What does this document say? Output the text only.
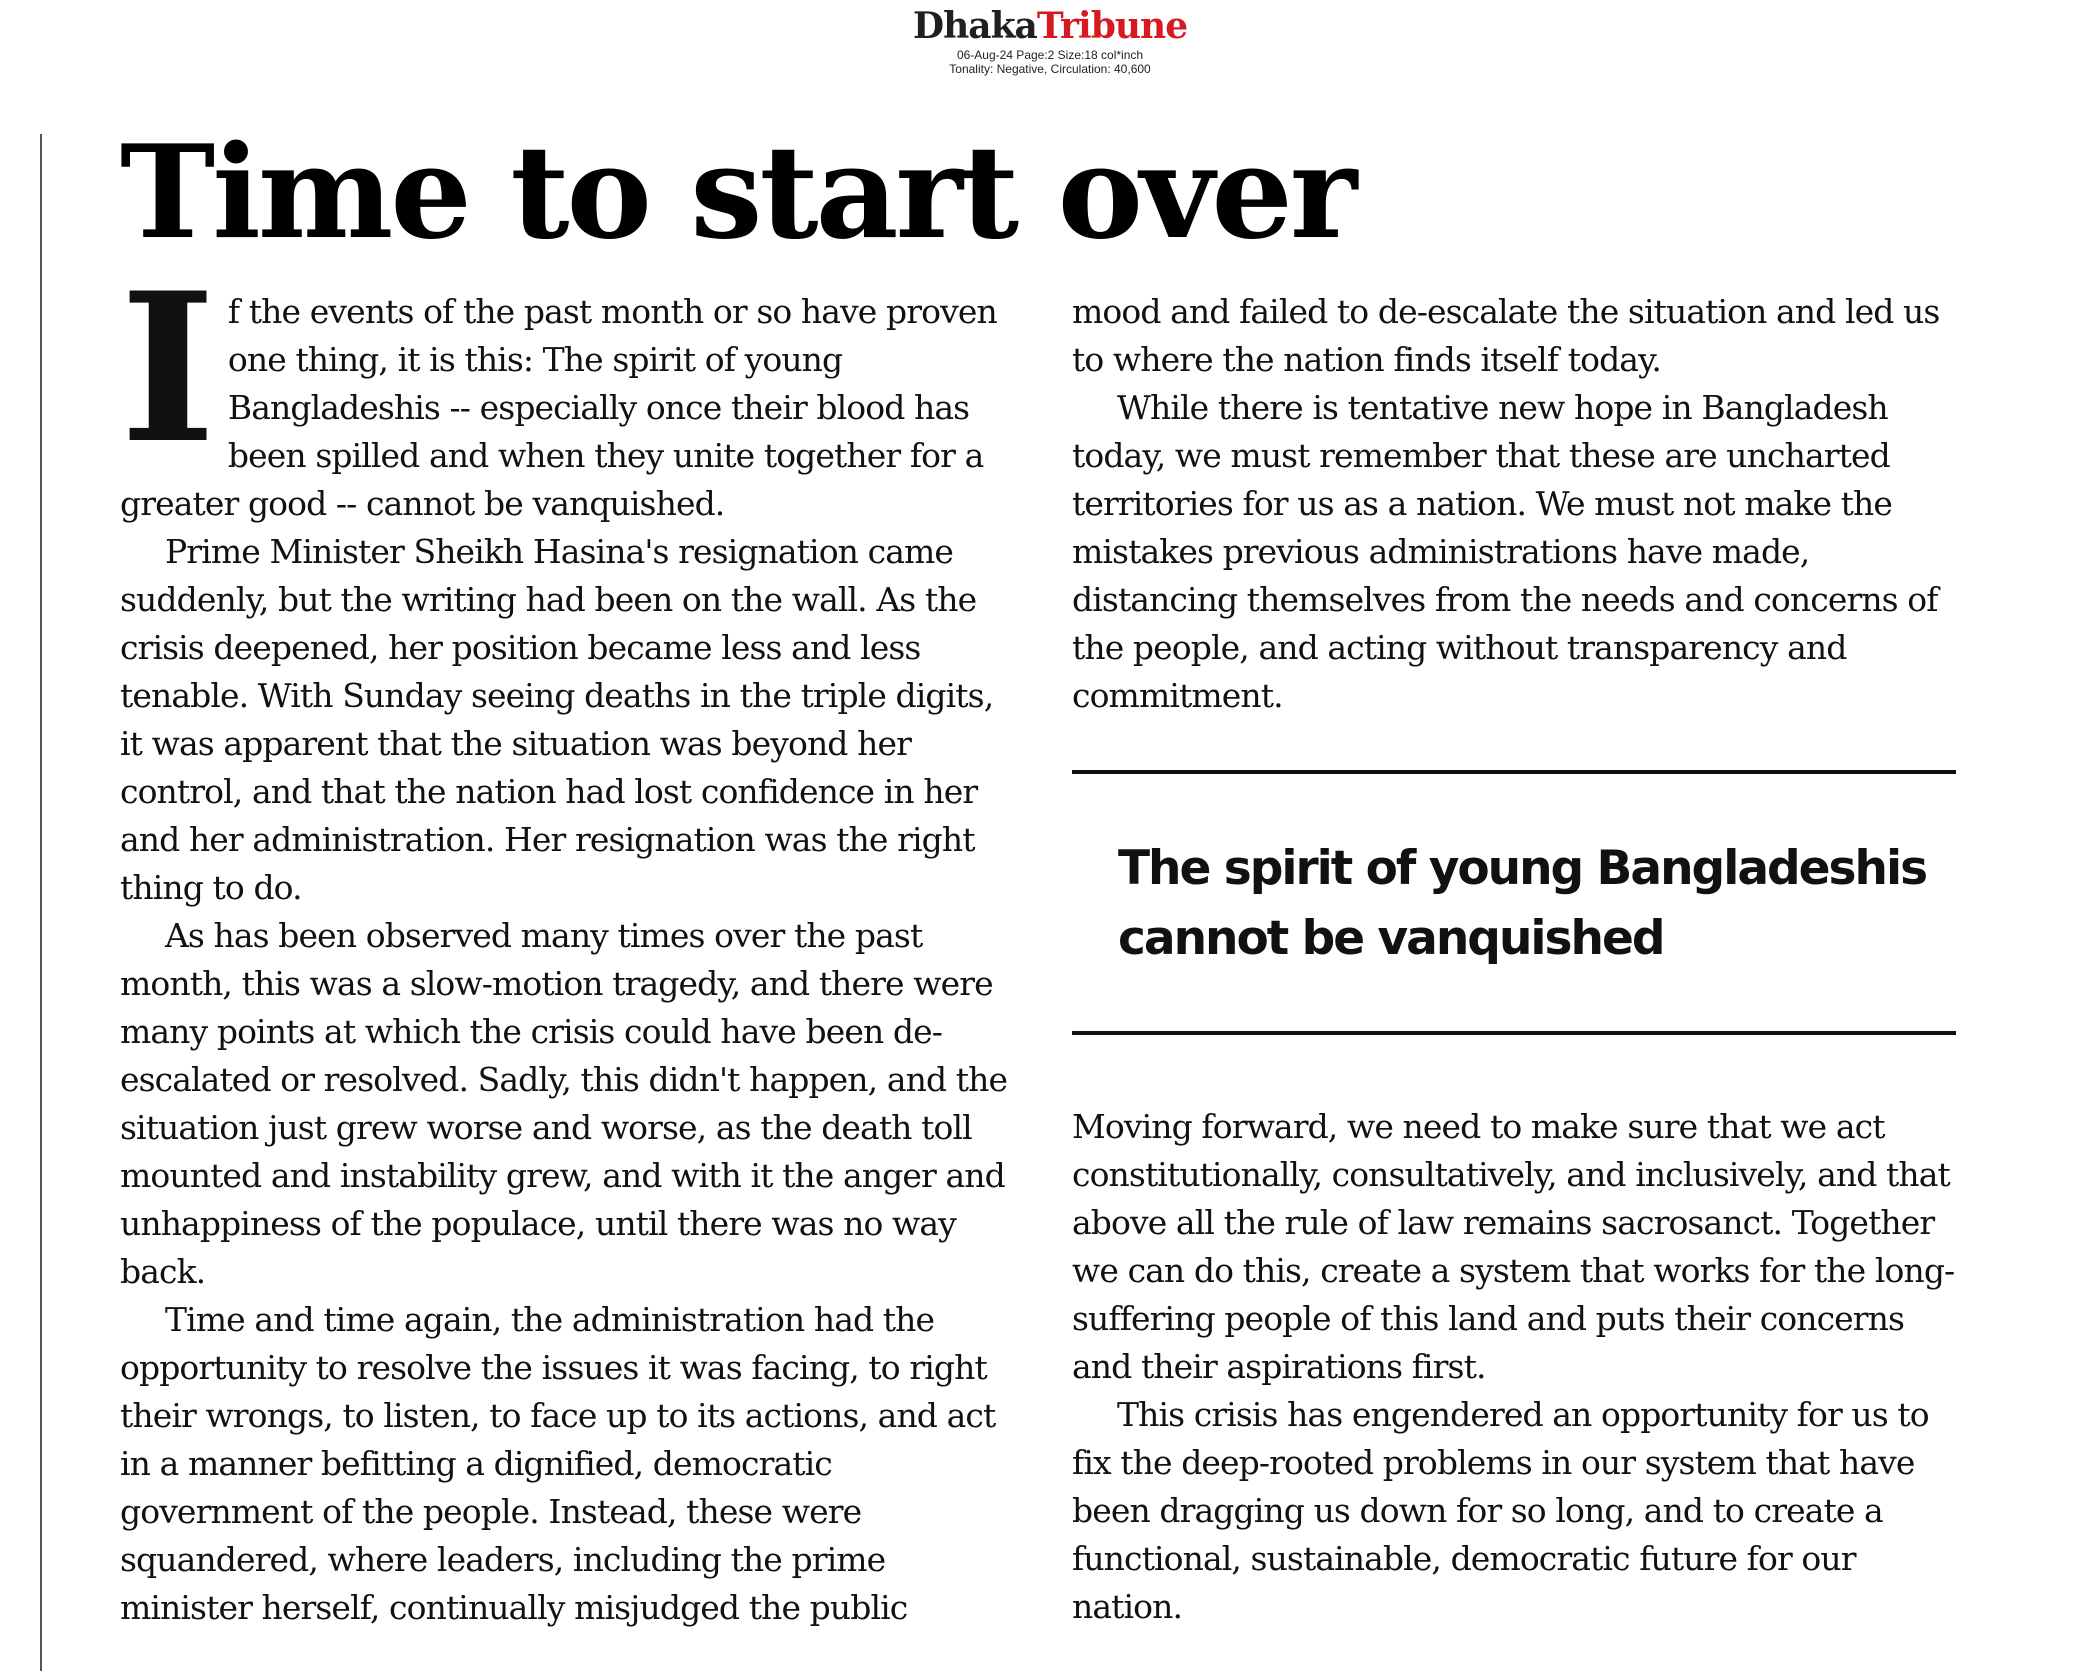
DhakaTribune
06-Aug-24 Page:2 Size:18 col*inch
Tonality: Negative, Circulation: 40,600
Time to start over

If the events of the past month or so have proven one thing, it is this: The spirit of young Bangladeshis -- especially once their blood has been spilled and when they unite together for a greater good -- cannot be vanquished.

Prime Minister Sheikh Hasina's resignation came suddenly, but the writing had been on the wall. As the crisis deepened, her position became less and less tenable. With Sunday seeing deaths in the triple digits, it was apparent that the situation was beyond her control, and that the nation had lost confidence in her and her administration. Her resignation was the right thing to do.

As has been observed many times over the past month, this was a slow-motion tragedy, and there were many points at which the crisis could have been de-escalated or resolved. Sadly, this didn't happen, and the situation just grew worse and worse, as the death toll mounted and instability grew, and with it the anger and unhappiness of the populace, until there was no way back.

Time and time again, the administration had the opportunity to resolve the issues it was facing, to right their wrongs, to listen, to face up to its actions, and act in a manner befitting a dignified, democratic government of the people. Instead, these were squandered, where leaders, including the prime minister herself, continually misjudged the public

mood and failed to de-escalate the situation and led us to where the nation finds itself today.

While there is tentative new hope in Bangladesh today, we must remember that these are uncharted territories for us as a nation. We must not make the mistakes previous administrations have made, distancing themselves from the needs and concerns of the people, and acting without transparency and commitment.

The spirit of young Bangladeshis cannot be vanquished

Moving forward, we need to make sure that we act constitutionally, consultatively, and inclusively, and that above all the rule of law remains sacrosanct. Together we can do this, create a system that works for the long-suffering people of this land and puts their concerns and their aspirations first.

This crisis has engendered an opportunity for us to fix the deep-rooted problems in our system that have been dragging us down for so long, and to create a functional, sustainable, democratic future for our nation.
